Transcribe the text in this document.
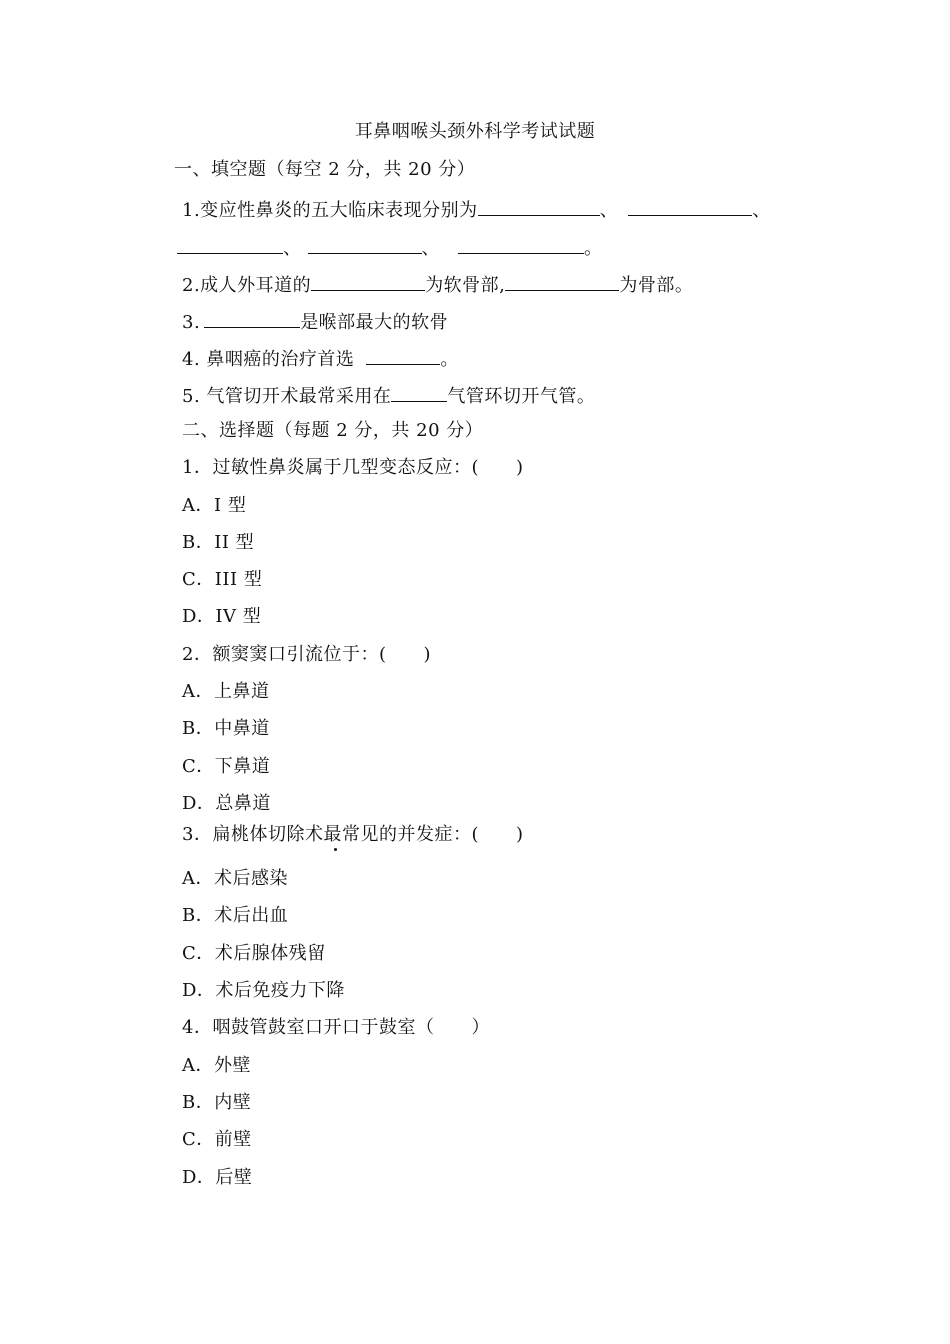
耳鼻咽喉头颈外科学考试试题
一、填空题（每空 2 分，共 20 分）
1.变应性鼻炎的五大临床表现分别为	、	、
、	、	。
2.成人外耳道的	为软骨部,	为骨部。
3.	是喉部最大的软骨
4. 鼻咽癌的治疗首选	。
5. 气管切开术最常采用在	气管环切开气管。
二、选择题（每题 2 分，共 20 分）
1．过敏性鼻炎属于几型变态反应：(　　)
A．I 型
B．II 型
C．III 型
D．IV 型
2．额窦窦口引流位于：(　　)
A．上鼻道
B．中鼻道
C．下鼻道
D．总鼻道
3．扁桃体切除术最常见的并发症：(　　)
A．术后感染
B．术后出血
C．术后腺体残留
D．术后免疫力下降
4．咽鼓管鼓室口开口于鼓室（　　）
A．外壁
B．内壁
C．前壁
D．后壁
